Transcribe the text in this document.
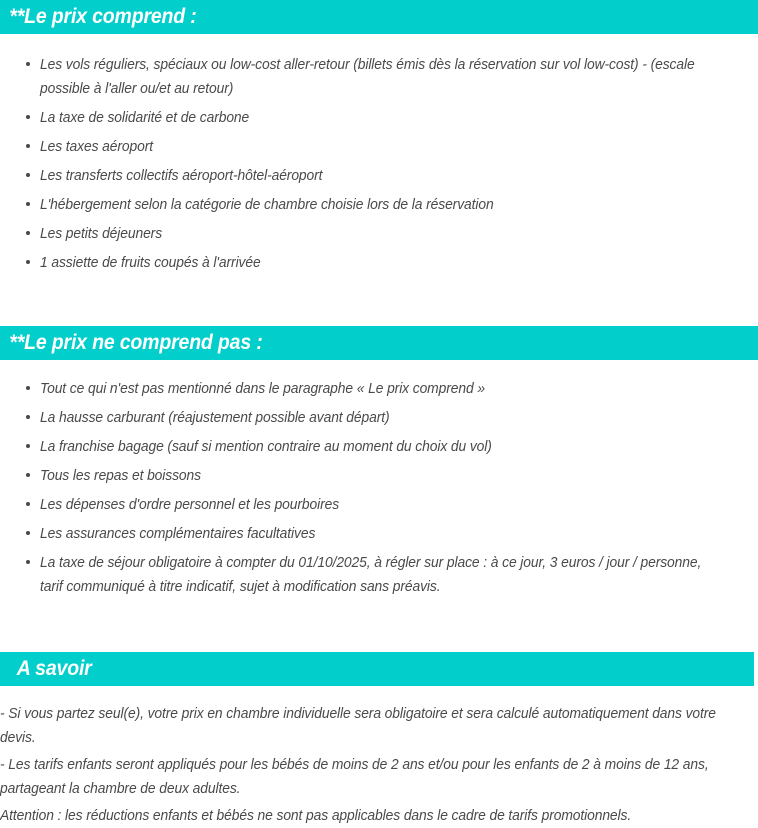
**Le prix comprend :
Les vols réguliers, spéciaux ou low-cost aller-retour (billets émis dès la réservation sur vol low-cost) - (escale possible à l'aller ou/et au retour)
La taxe de solidarité et de carbone
Les taxes aéroport
Les transferts collectifs aéroport-hôtel-aéroport
L'hébergement selon la catégorie de chambre choisie lors de la réservation
Les petits déjeuners
1 assiette de fruits coupés à l'arrivée
**Le prix ne comprend pas :
Tout ce qui n'est pas mentionné dans le paragraphe « Le prix comprend »
La hausse carburant (réajustement possible avant départ)
La franchise bagage (sauf si mention contraire au moment du choix du vol)
Tous les repas et boissons
Les dépenses d'ordre personnel et les pourboires
Les assurances complémentaires facultatives
La taxe de séjour obligatoire à compter du 01/10/2025, à régler sur place : à ce jour, 3 euros / jour / personne, tarif communiqué à titre indicatif, sujet à modification sans préavis.
A savoir

- Si vous partez seul(e), votre prix en chambre individuelle sera obligatoire et sera calculé automatiquement dans votre devis.

- Les tarifs enfants seront appliqués pour les bébés de moins de 2 ans et/ou pour les enfants de 2 à moins de 12 ans, partageant la chambre de deux adultes.

Attention : les réductions enfants et bébés ne sont pas applicables dans le cadre de tarifs promotionnels.
